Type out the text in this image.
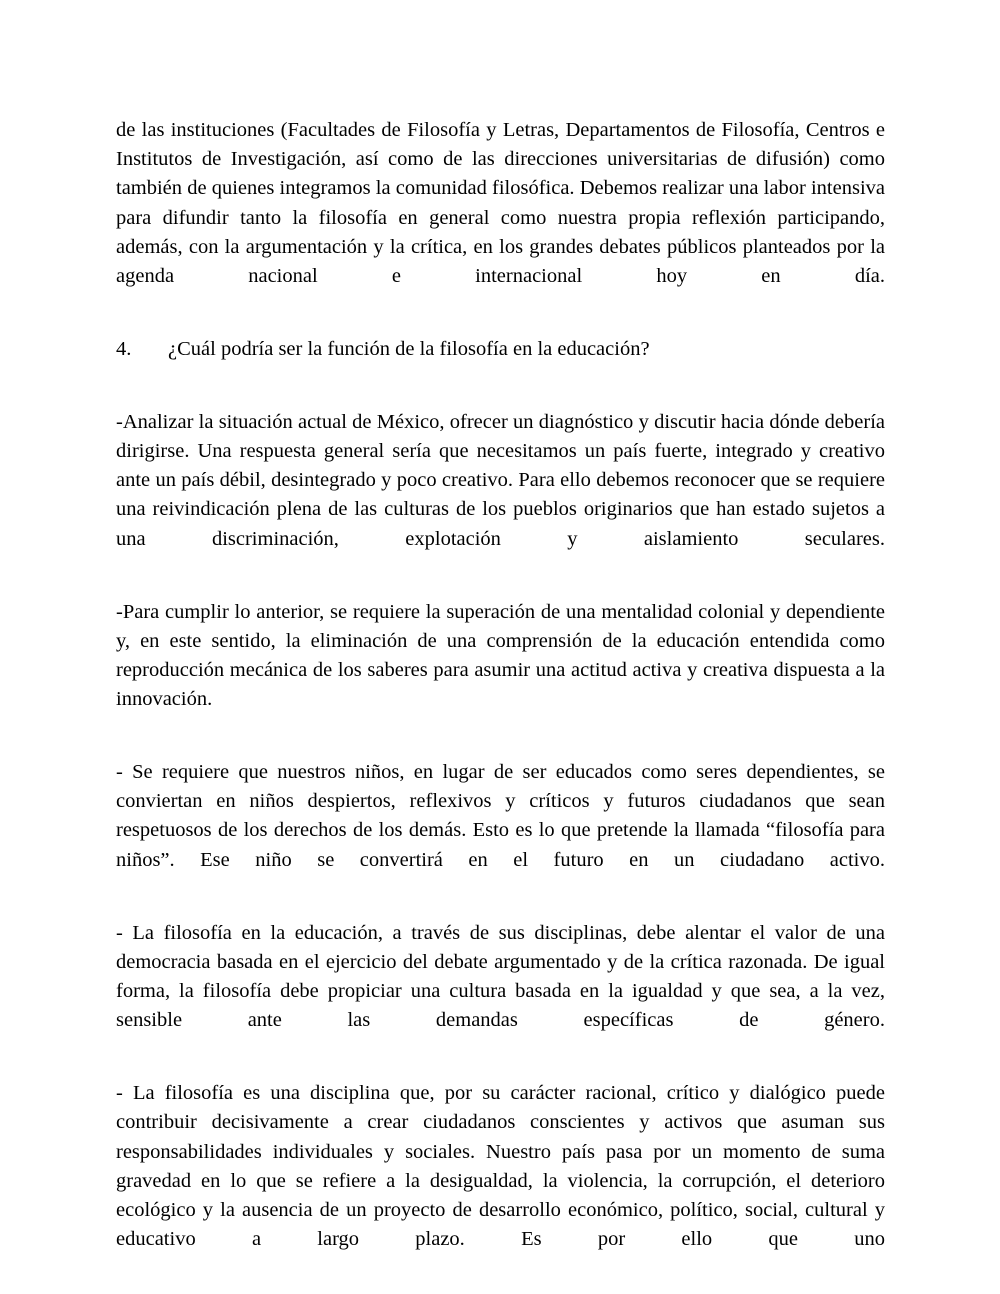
de las instituciones (Facultades de Filosofía y Letras, Departamentos de Filosofía, Centros e Institutos de Investigación, así como de las direcciones universitarias de difusión) como también de quienes integramos la comunidad filosófica. Debemos realizar una labor intensiva para difundir tanto la filosofía en general como nuestra propia reflexión participando, además, con la argumentación y la crítica, en los grandes debates públicos planteados por la agenda nacional e internacional hoy en día.

4. ¿Cuál podría ser la función de la filosofía en la educación?

-Analizar la situación actual de México, ofrecer un diagnóstico y discutir hacia dónde debería dirigirse. Una respuesta general sería que necesitamos un país fuerte, integrado y creativo ante un país débil, desintegrado y poco creativo. Para ello debemos reconocer que se requiere una reivindicación plena de las culturas de los pueblos originarios que han estado sujetos a una discriminación, explotación y aislamiento seculares.

-Para cumplir lo anterior, se requiere la superación de una mentalidad colonial y dependiente y, en este sentido, la eliminación de una comprensión de la educación entendida como reproducción mecánica de los saberes para asumir una actitud activa y creativa dispuesta a la innovación.

- Se requiere que nuestros niños, en lugar de ser educados como seres dependientes, se conviertan en niños despiertos, reflexivos y críticos y futuros ciudadanos que sean respetuosos de los derechos de los demás. Esto es lo que pretende la llamada “filosofía para niños”. Ese niño se convertirá en el futuro en un ciudadano activo.

- La filosofía en la educación, a través de sus disciplinas, debe alentar el valor de una democracia basada en el ejercicio del debate argumentado y de la crítica razonada. De igual forma, la filosofía debe propiciar una cultura basada en la igualdad y que sea, a la vez, sensible ante las demandas específicas de género.

- La filosofía es una disciplina que, por su carácter racional, crítico y dialógico puede contribuir decisivamente a crear ciudadanos conscientes y activos que asuman sus responsabilidades individuales y sociales. Nuestro país pasa por un momento de suma gravedad en lo que se refiere a la desigualdad, la violencia, la corrupción, el deterioro ecológico y la ausencia de un proyecto de desarrollo económico, político, social, cultural y educativo a largo plazo. Es por ello que uno
